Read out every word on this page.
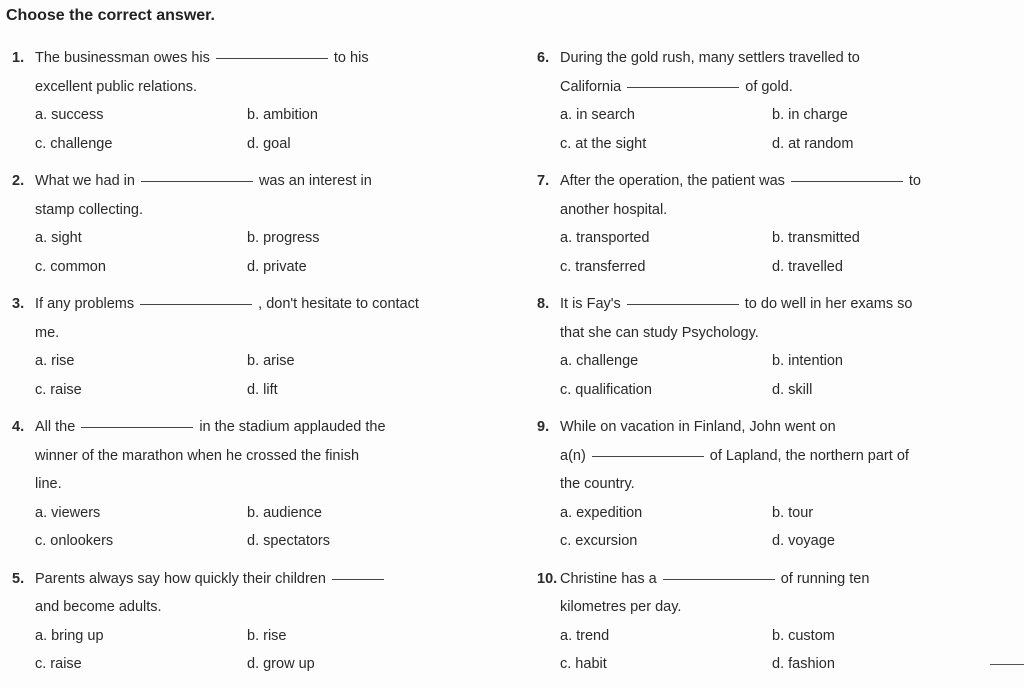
Choose the correct answer.
1. The businessman owes his	to his
excellent public relations.
a. success	b. ambition
c. challenge	d. goal
2. What we had in	was an interest in
stamp collecting.
a. sight	b. progress
c. common	d. private
3. If any problems	, don't hesitate to contact
me.
a. rise	b. arise
c. raise	d. lift
4. All the	in the stadium applauded the
winner of the marathon when he crossed the finish
line.
a. viewers	b. audience
c. onlookers	d. spectators
5. Parents always say how quickly their children
and become adults.
a. bring up	b. rise
c. raise	d. grow up
6. During the gold rush, many settlers travelled to
California	of gold.
a. in search	b. in charge
c. at the sight	d. at random
7. After the operation, the patient was	to
another hospital.
a. transported	b. transmitted
c. transferred	d. travelled
8. It is Fay's	to do well in her exams so
that she can study Psychology.
a. challenge	b. intention
c. qualification	d. skill
9. While on vacation in Finland, John went on
a(n)	of Lapland, the northern part of
the country.
a. expedition	b. tour
c. excursion	d. voyage
10. Christine has a	of running ten
kilometres per day.
a. trend	b. custom
c. habit	d. fashion
